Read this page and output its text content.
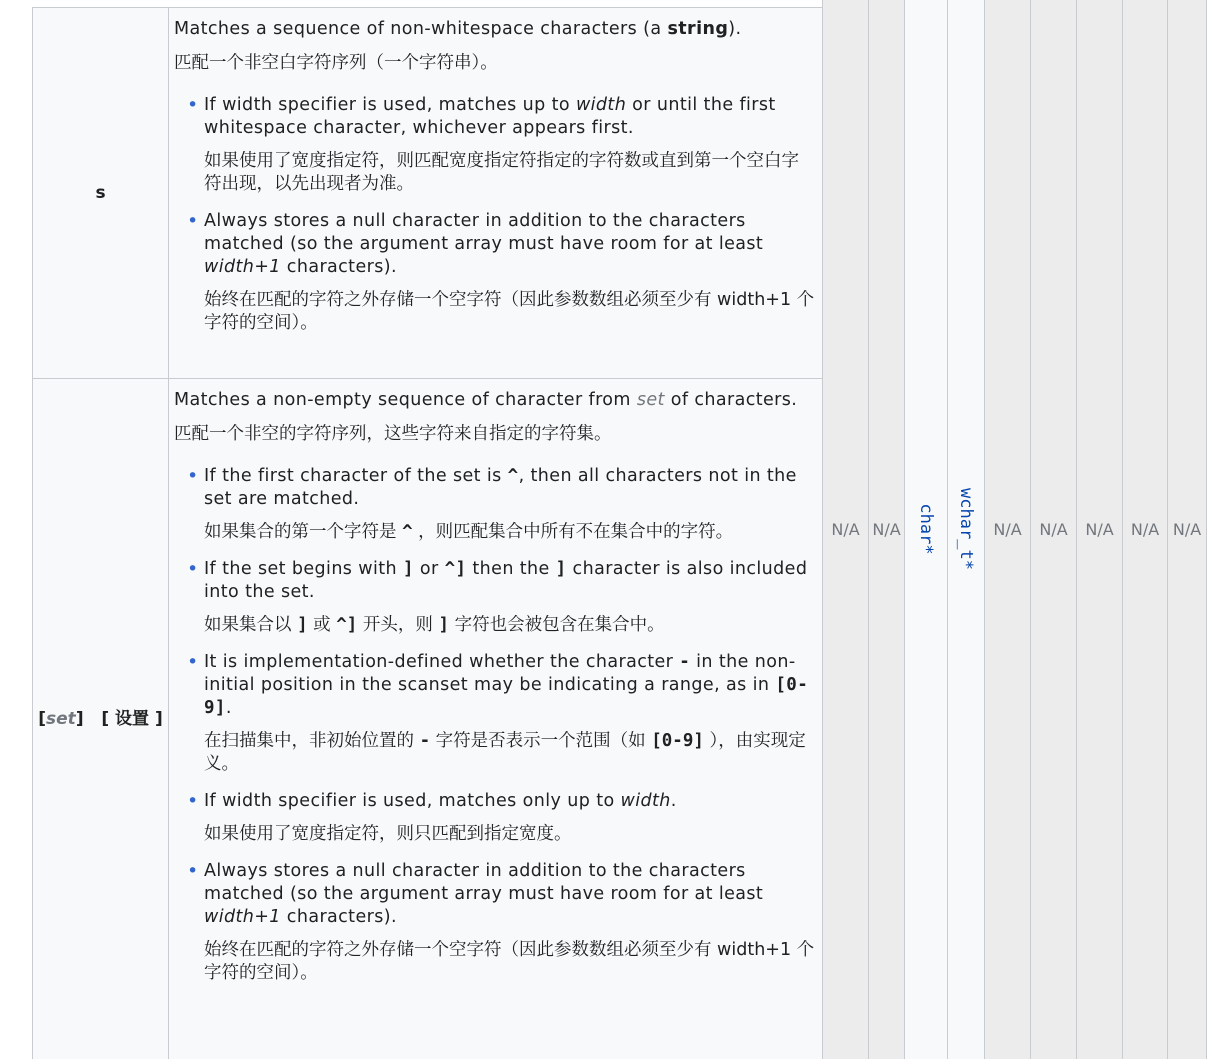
s

Matches a sequence of non-whitespace characters (a string).

匹配一个非空白字符序列（一个字符串）。

• If width specifier is used, matches up to width or until the first whitespace character, whichever appears first.

如果使用了宽度指定符，则匹配宽度指定符指定的字符数或直到第一个空白字符出现，以先出现者为准。

• Always stores a null character in addition to the characters matched (so the argument array must have room for at least width+1 characters).

始终在匹配的字符之外存储一个空字符（因此参数数组必须至少有 width+1 个字符的空间）。

[set] [ 设置 ]

Matches a non-empty sequence of character from set of characters.

匹配一个非空的字符序列，这些字符来自指定的字符集。

• If the first character of the set is ^, then all characters not in the set are matched.

如果集合的第一个字符是 ^ ，则匹配集合中所有不在集合中的字符。

• If the set begins with ] or ^] then the ] character is also included into the set.

如果集合以 ] 或 ^] 开头，则 ] 字符也会被包含在集合中。

• It is implementation-defined whether the character - in the non-initial position in the scanset may be indicating a range, as in [0-9].

在扫描集中，非初始位置的 - 字符是否表示一个范围（如 [0-9] ），由实现定义。

• If width specifier is used, matches only up to width.

如果使用了宽度指定符，则只匹配到指定宽度。

• Always stores a null character in addition to the characters matched (so the argument array must have room for at least width+1 characters).

始终在匹配的字符之外存储一个空字符（因此参数数组必须至少有 width+1 个字符的空间）。

N/A N/A char* wchar_t* N/A N/A N/A N/A N/A
